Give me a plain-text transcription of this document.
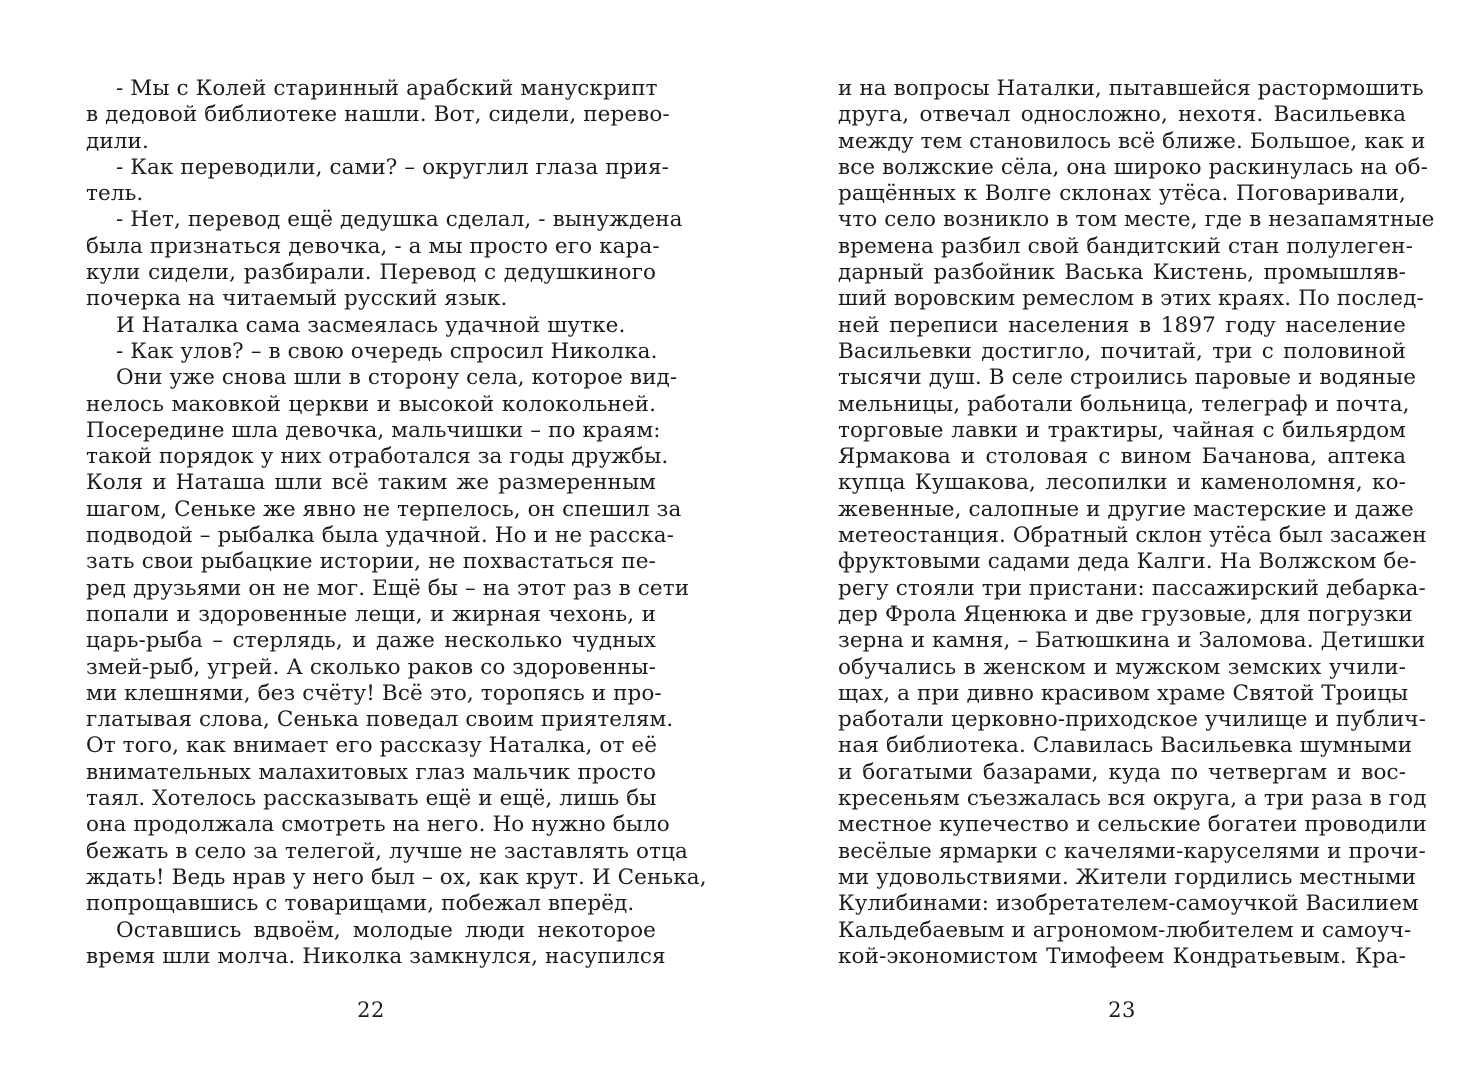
- Мы с Колей старинный арабский манускрипт
в дедовой библиотеке нашли. Вот, сидели, перево-
дили.
- Как переводили, сами? – округлил глаза прия-
тель.
- Нет, перевод ещё дедушка сделал, - вынуждена
была признаться девочка, - а мы просто его кара-
кули сидели, разбирали. Перевод с дедушкиного
почерка на читаемый русский язык.
И Наталка сама засмеялась удачной шутке.
- Как улов? – в свою очередь спросил Николка.
Они уже снова шли в сторону села, которое вид-
нелось маковкой церкви и высокой колокольней.
Посередине шла девочка, мальчишки – по краям:
такой порядок у них отработался за годы дружбы.
Коля и Наташа шли всё таким же размеренным
шагом, Сеньке же явно не терпелось, он спешил за
подводой – рыбалка была удачной. Но и не расска-
зать свои рыбацкие истории, не похвастаться пе-
ред друзьями он не мог. Ещё бы – на этот раз в сети
попали и здоровенные лещи, и жирная чехонь, и
царь-рыба – стерлядь, и даже несколько чудных
змей-рыб, угрей. А сколько раков со здоровенны-
ми клешнями, без счёту! Всё это, торопясь и про-
глатывая слова, Сенька поведал своим приятелям.
От того, как внимает его рассказу Наталка, от её
внимательных малахитовых глаз мальчик просто
таял. Хотелось рассказывать ещё и ещё, лишь бы
она продолжала смотреть на него. Но нужно было
бежать в село за телегой, лучше не заставлять отца
ждать! Ведь нрав у него был – ох, как крут. И Сенька,
попрощавшись с товарищами, побежал вперёд.
Оставшись вдвоём, молодые люди некоторое
время шли молча. Николка замкнулся, насупился
22
и на вопросы Наталки, пытавшейся растормошить
друга, отвечал односложно, нехотя. Васильевка
между тем становилось всё ближе. Большое, как и
все волжские сёла, она широко раскинулась на об-
ращённых к Волге склонах утёса. Поговаривали,
что село возникло в том месте, где в незапамятные
времена разбил свой бандитский стан полулеген-
дарный разбойник Васька Кистень, промышляв-
ший воровским ремеслом в этих краях. По послед-
ней переписи населения в 1897 году население
Васильевки достигло, почитай, три с половиной
тысячи душ. В селе строились паровые и водяные
мельницы, работали больница, телеграф и почта,
торговые лавки и трактиры, чайная с бильярдом
Ярмакова и столовая с вином Бачанова, аптека
купца Кушакова, лесопилки и каменоломня, ко-
жевенные, салопные и другие мастерские и даже
метеостанция. Обратный склон утёса был засажен
фруктовыми садами деда Калги. На Волжском бе-
регу стояли три пристани: пассажирский дебарка-
дер Фрола Яценюка и две грузовые, для погрузки
зерна и камня, – Батюшкина и Заломова. Детишки
обучались в женском и мужском земских учили-
щах, а при дивно красивом храме Святой Троицы
работали церковно-приходское училище и публич-
ная библиотека. Славилась Васильевка шумными
и богатыми базарами, куда по четвергам и вос-
кресеньям съезжалась вся округа, а три раза в год
местное купечество и сельские богатеи проводили
весёлые ярмарки с качелями-каруселями и прочи-
ми удовольствиями. Жители гордились местными
Кулибинами: изобретателем-самоучкой Василием
Кальдебаевым и агрономом-любителем и самоуч-
кой-экономистом Тимофеем Кондратьевым. Кра-
23
